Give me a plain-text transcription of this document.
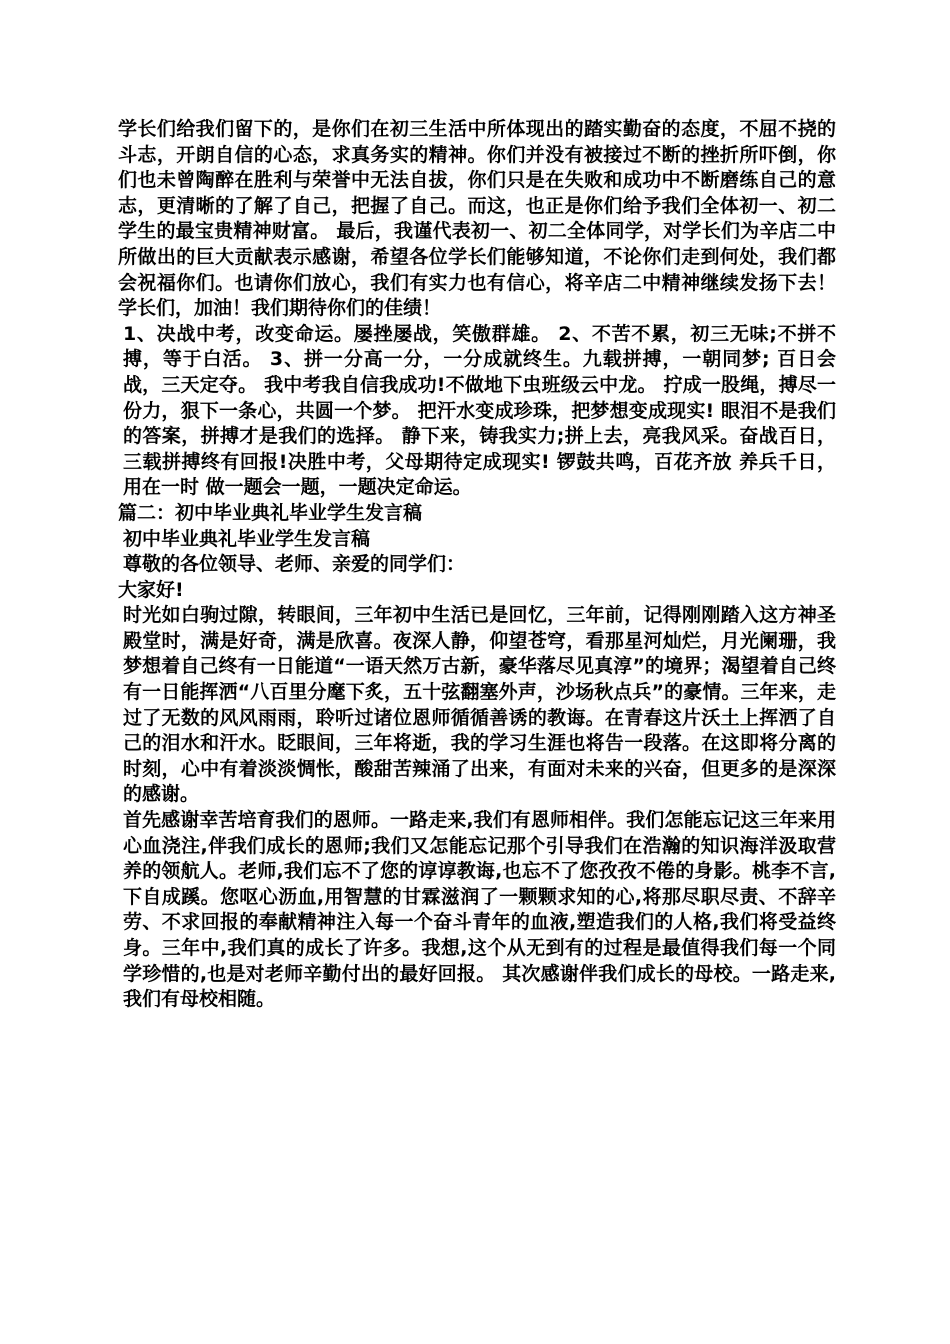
学长们给我们留下的，是你们在初三生活中所体现出的踏实勤奋的态度，不屈不挠的斗志，开朗自信的心态，求真务实的精神。你们并没有被接过不断的挫折所吓倒，你们也未曾陶醉在胜利与荣誉中无法自拔，你们只是在失败和成功中不断磨练自己的意志，更清晰的了解了自己，把握了自己。而这，也正是你们给予我们全体初一、初二学生的最宝贵精神财富。 最后，我谨代表初一、初二全体同学，对学长们为辛店二中所做出的巨大贡献表示感谢，希望各位学长们能够知道，不论你们走到何处，我们都会祝福你们。也请你们放心，我们有实力也有信心，将辛店二中精神继续发扬下去！ 学长们，加油！我们期待你们的佳绩！

1、决战中考，改变命运。屡挫屡战，笑傲群雄。 2、不苦不累，初三无味;不拼不搏，等于白活。 3、拼一分高一分，一分成就终生。九载拼搏，一朝同梦; 百日会战，三天定夺。 我中考我自信我成功!不做地下虫班级云中龙。 拧成一股绳，搏尽一份力，狠下一条心，共圆一个梦。 把汗水变成珍珠，把梦想变成现实! 眼泪不是我们的答案，拼搏才是我们的选择。 静下来，铸我实力;拼上去，亮我风采。奋战百日，三载拼搏终有回报!决胜中考，父母期待定成现实! 锣鼓共鸣，百花齐放 养兵千日，用在一时 做一题会一题，一题决定命运。

篇二：初中毕业典礼毕业学生发言稿

初中毕业典礼毕业学生发言稿

尊敬的各位领导、老师、亲爱的同学们：

大家好!

时光如白驹过隙，转眼间，三年初中生活已是回忆，三年前，记得刚刚踏入这方神圣殿堂时，满是好奇，满是欣喜。夜深人静，仰望苍穹，看那星河灿烂，月光阑珊，我梦想着自己终有一日能道“一语天然万古新，豪华落尽见真淳”的境界；渴望着自己终有一日能挥洒“八百里分麾下炙，五十弦翻塞外声，沙场秋点兵”的豪情。三年来，走过了无数的风风雨雨，聆听过诸位恩师循循善诱的教诲。在青春这片沃土上挥洒了自己的泪水和汗水。眨眼间，三年将逝，我的学习生涯也将告一段落。在这即将分离的时刻，心中有着淡淡惆怅，酸甜苦辣涌了出来，有面对未来的兴奋，但更多的是深深的感谢。

首先感谢幸苦培育我们的恩师。一路走来,我们有恩师相伴。我们怎能忘记这三年来用心血浇注,伴我们成长的恩师;我们又怎能忘记那个引导我们在浩瀚的知识海洋汲取营养的领航人。老师,我们忘不了您的谆谆教诲,也忘不了您孜孜不倦的身影。桃李不言,下自成蹊。您呕心沥血,用智慧的甘霖滋润了一颗颗求知的心,将那尽职尽责、不辞辛劳、不求回报的奉献精神注入每一个奋斗青年的血液,塑造我们的人格,我们将受益终身。三年中,我们真的成长了许多。我想,这个从无到有的过程是最值得我们每一个同学珍惜的,也是对老师辛勤付出的最好回报。 其次感谢伴我们成长的母校。一路走来,我们有母校相随。
